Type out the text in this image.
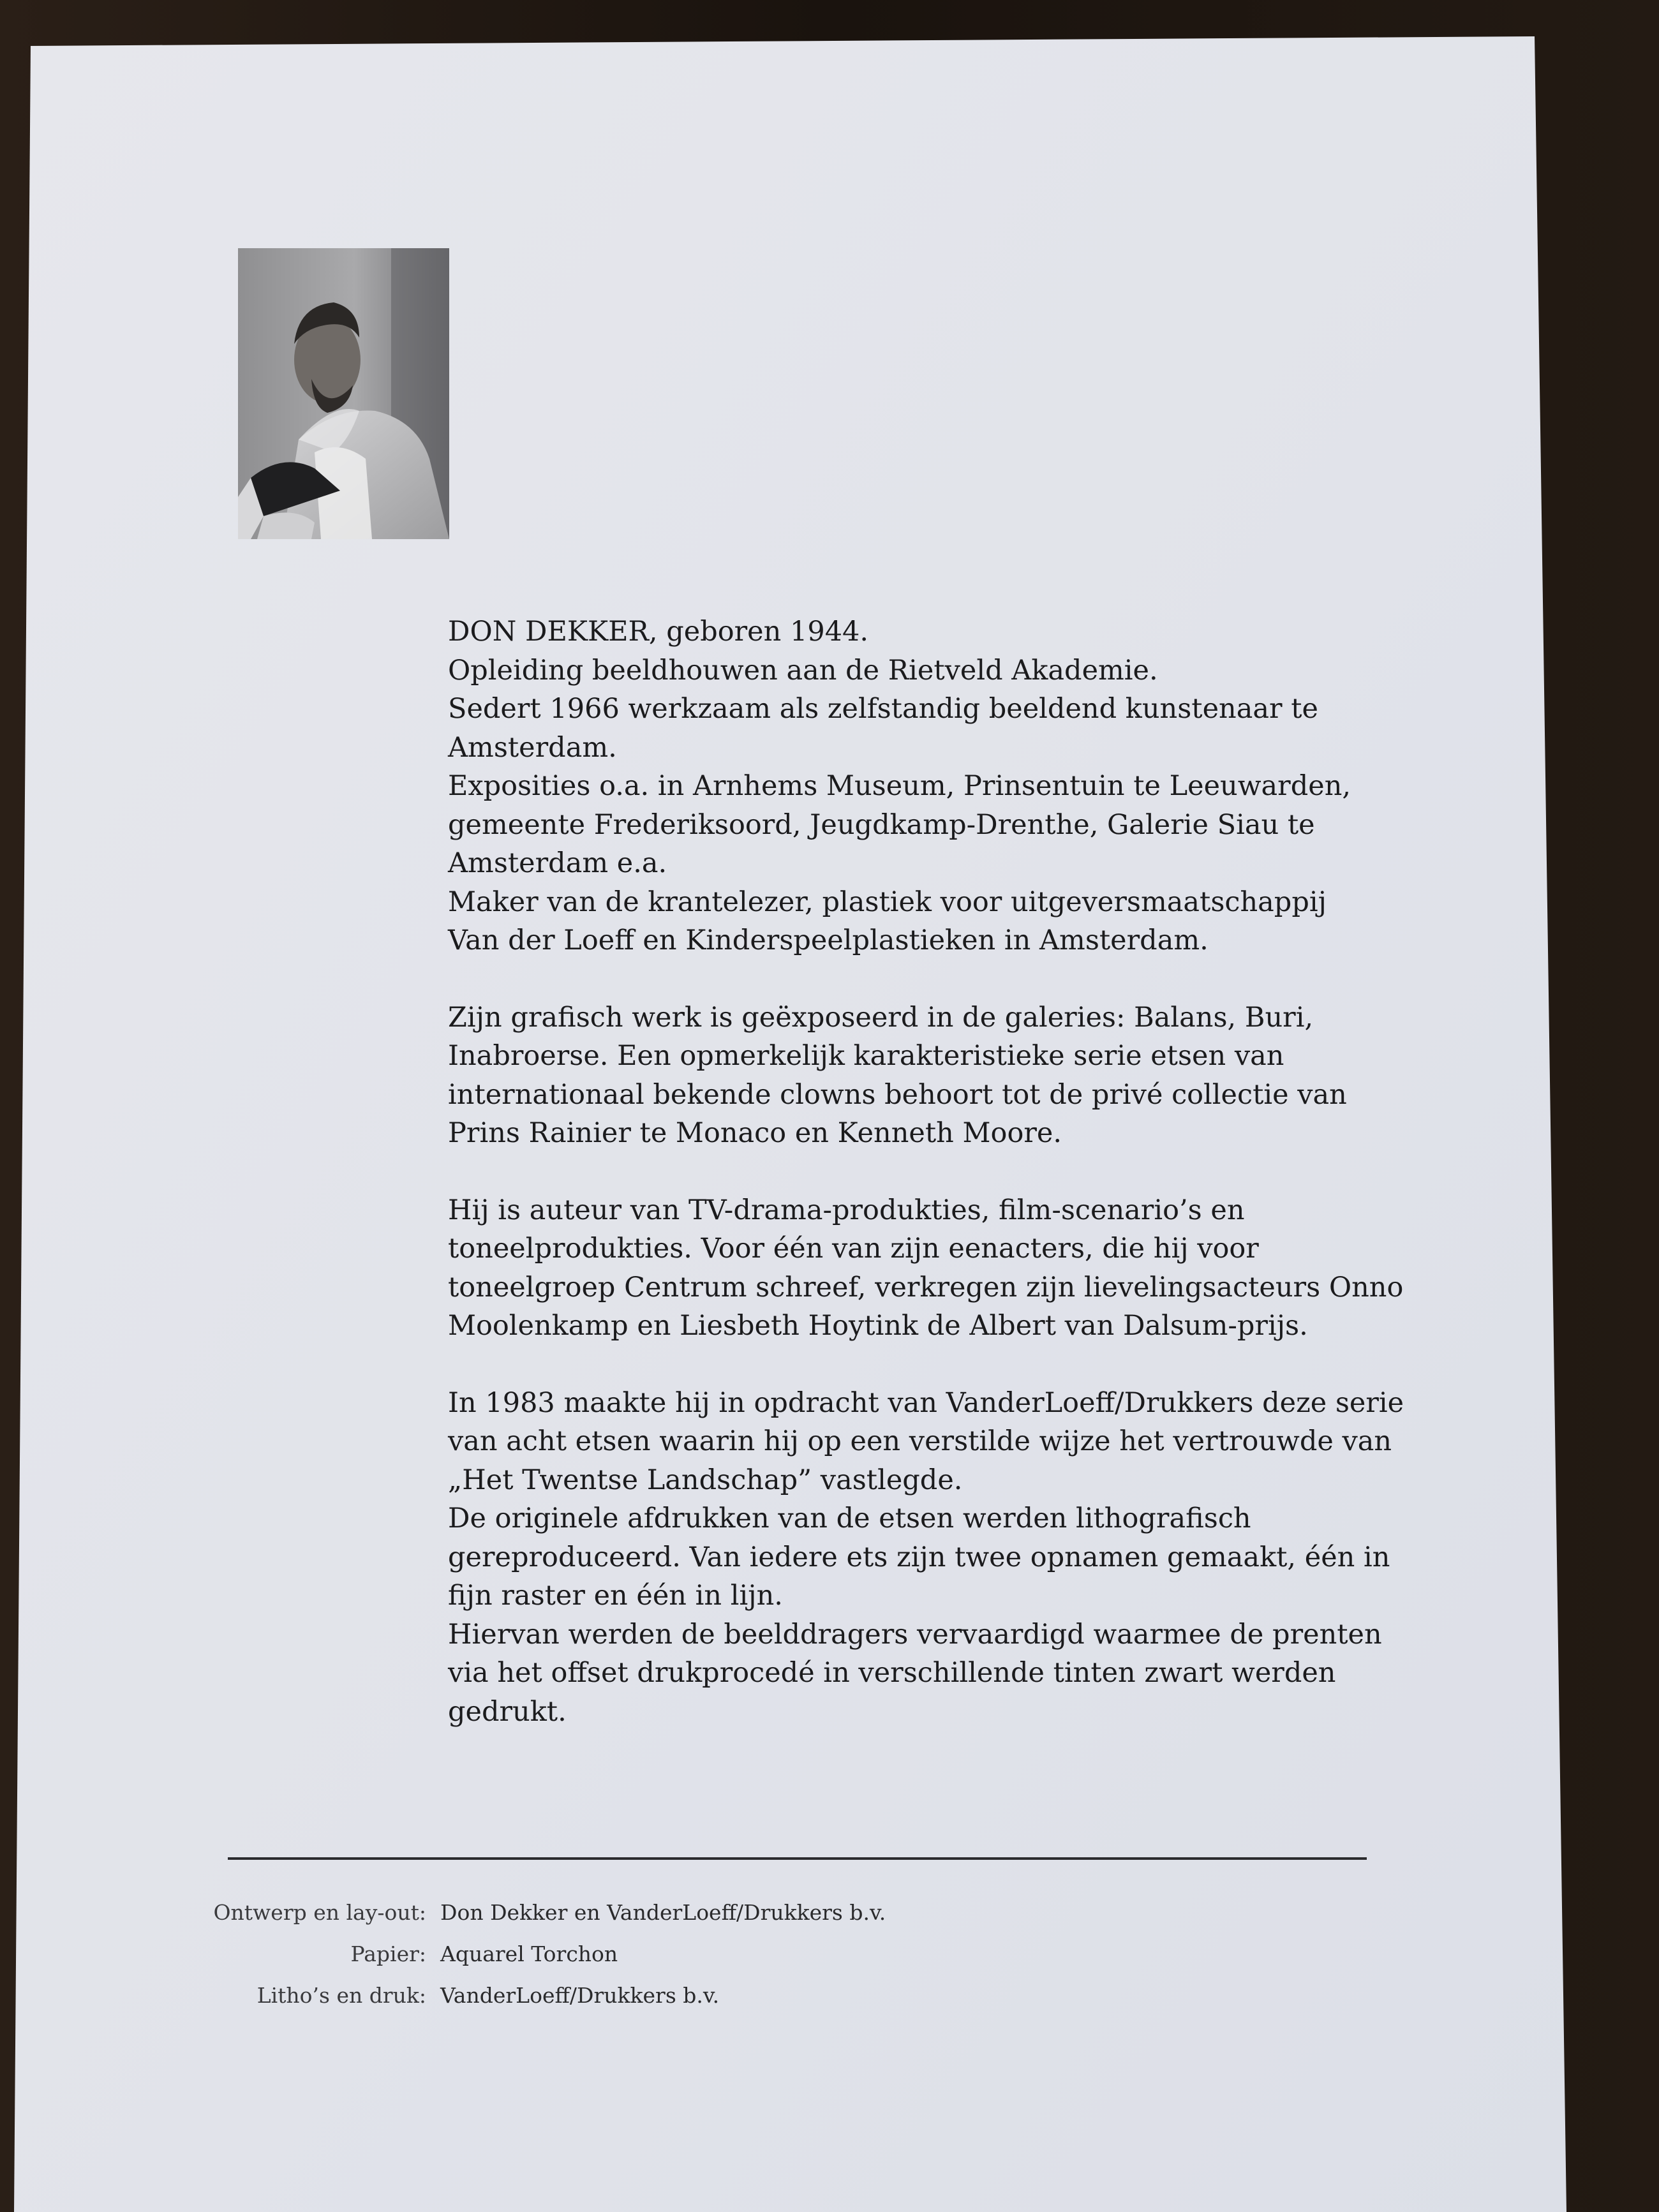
DON DEKKER, geboren 1944.
Opleiding beeldhouwen aan de Rietveld Akademie.
Sedert 1966 werkzaam als zelfstandig beeldend kunstenaar te
Amsterdam.
Exposities o.a. in Arnhems Museum, Prinsentuin te Leeuwarden,
gemeente Frederiksoord, Jeugdkamp-Drenthe, Galerie Siau te
Amsterdam e.a.
Maker van de krantelezer, plastiek voor uitgeversmaatschappij
Van der Loeff en Kinderspeelplastieken in Amsterdam.

Zijn grafisch werk is geëxposeerd in de galeries: Balans, Buri,
Inabroerse. Een opmerkelijk karakteristieke serie etsen van
internationaal bekende clowns behoort tot de privé collectie van
Prins Rainier te Monaco en Kenneth Moore.

Hij is auteur van TV-drama-produkties, film-scenario’s en
toneelprodukties. Voor één van zijn eenacters, die hij voor
toneelgroep Centrum schreef, verkregen zijn lievelingsacteurs Onno
Moolenkamp en Liesbeth Hoytink de Albert van Dalsum-prijs.

In 1983 maakte hij in opdracht van VanderLoeff/Drukkers deze serie
van acht etsen waarin hij op een verstilde wijze het vertrouwde van
„Het Twentse Landschap” vastlegde.
De originele afdrukken van de etsen werden lithografisch
gereproduceerd. Van iedere ets zijn twee opnamen gemaakt, één in
fijn raster en één in lijn.
Hiervan werden de beelddragers vervaardigd waarmee de prenten
via het offset drukprocedé in verschillende tinten zwart werden
gedrukt.

Ontwerp en lay-out: Don Dekker en VanderLoeff/Drukkers b.v.
Papier: Aquarel Torchon
Litho’s en druk: VanderLoeff/Drukkers b.v.
